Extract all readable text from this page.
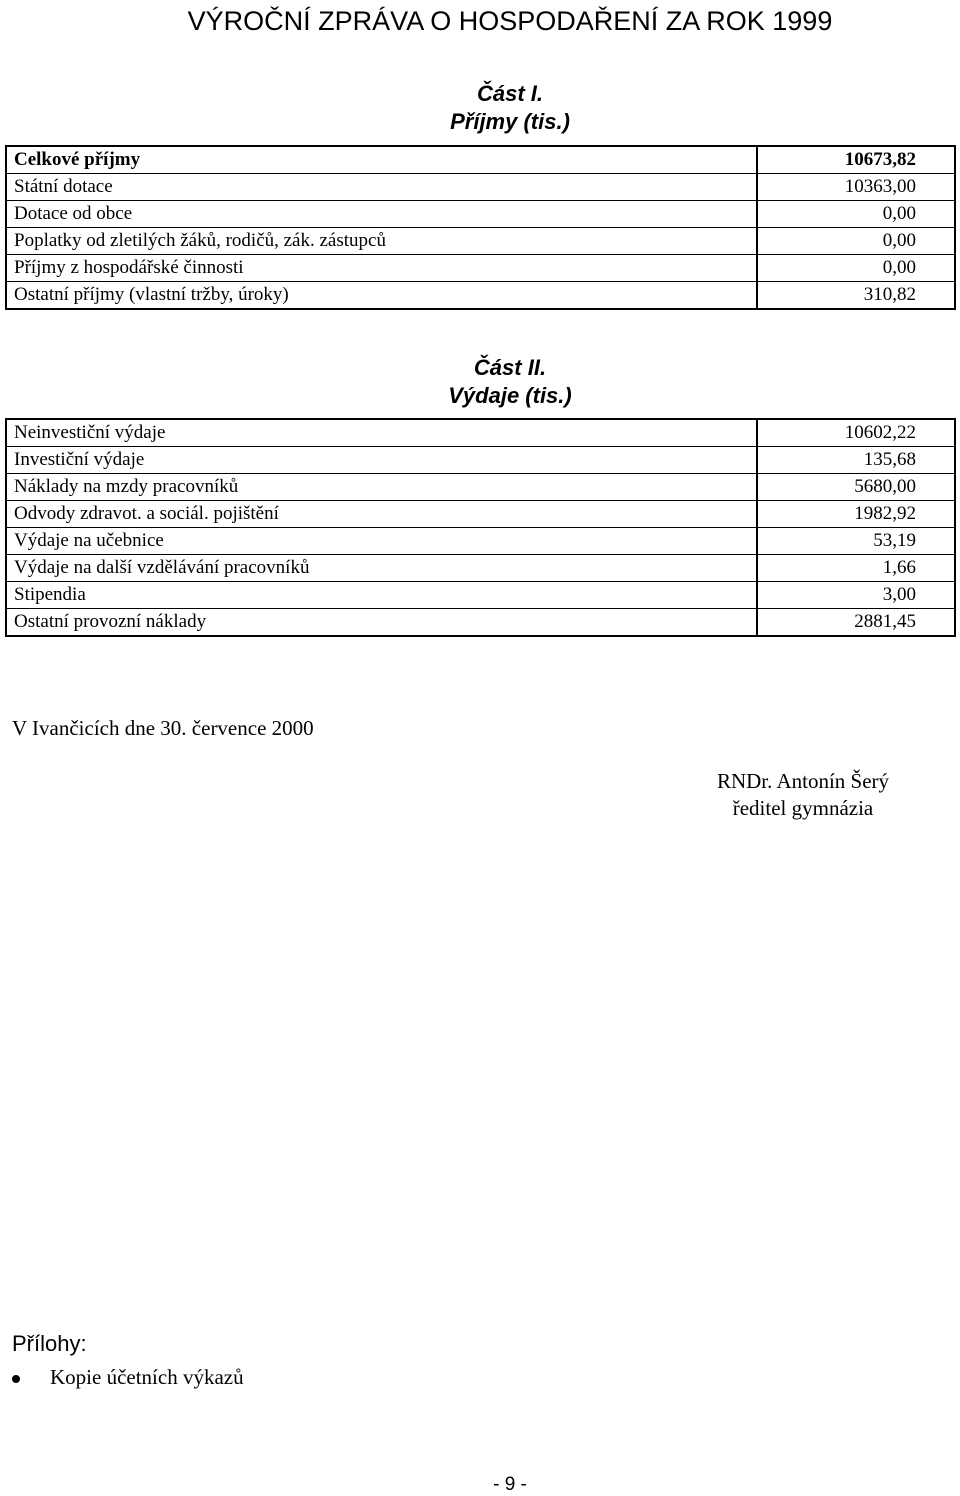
VÝROČNÍ ZPRÁVA O HOSPODAŘENÍ ZA ROK 1999
Část I.
Příjmy (tis.)
Celkové příjmy	10673,82
Státní dotace	10363,00
Dotace od obce	0,00
Poplatky od zletilých žáků, rodičů, zák. zástupců	0,00
Příjmy z hospodářské činnosti	0,00
Ostatní příjmy (vlastní tržby, úroky)	310,82
Část II.
Výdaje (tis.)
Neinvestiční výdaje	10602,22
Investiční výdaje	135,68
Náklady na mzdy pracovníků	5680,00
Odvody zdravot. a sociál. pojištění	1982,92
Výdaje na učebnice	53,19
Výdaje na další vzdělávání pracovníků	1,66
Stipendia	3,00
Ostatní provozní náklady	2881,45
V Ivančicích dne 30. července 2000
RNDr. Antonín Šerý
ředitel gymnázia
Přílohy:
Kopie účetních výkazů
- 9 -
